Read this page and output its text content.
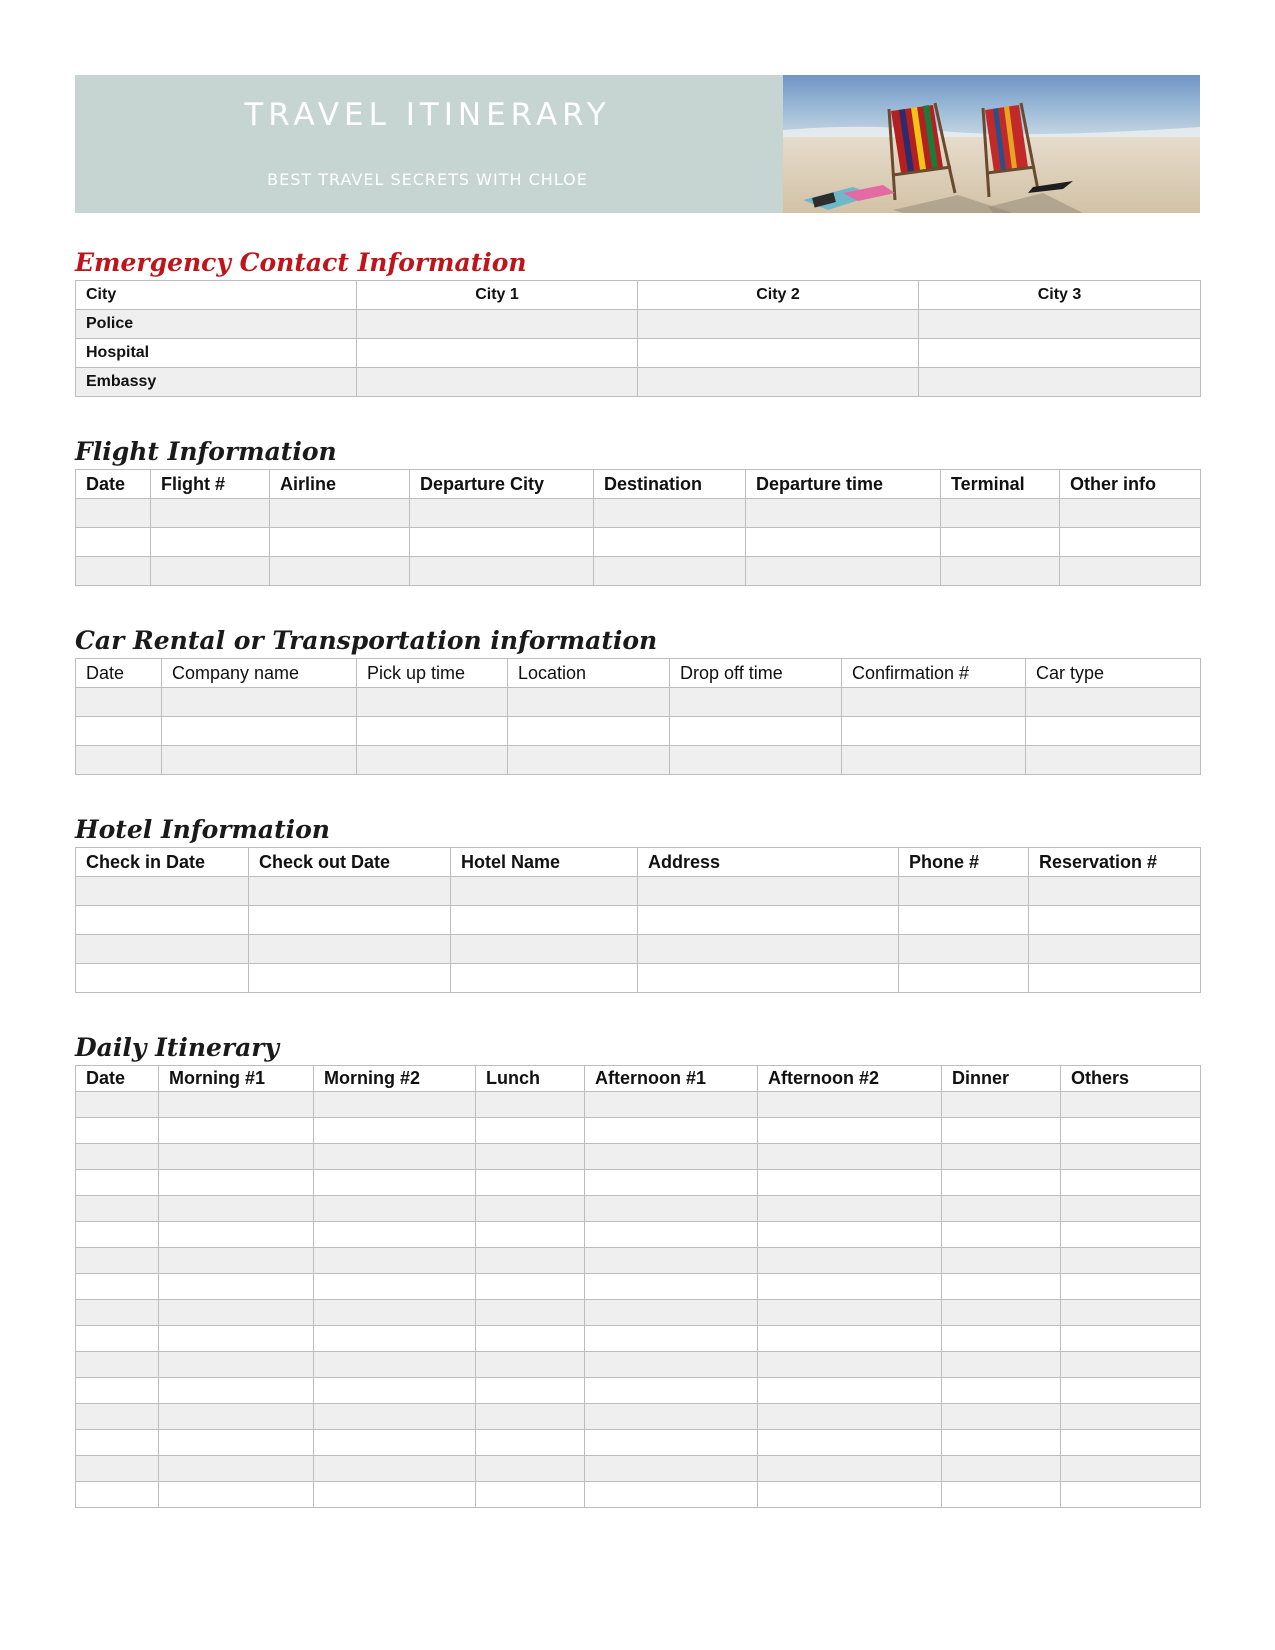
TRAVEL ITINERARY
BEST TRAVEL SECRETS WITH CHLOE
Emergency Contact Information
City	City 1	City 2	City 3
Police			
Hospital			
Embassy			
Flight Information
Date	Flight #	Airline	Departure City	Destination	Departure time	Terminal	Other info

Car Rental or Transportation information
Date	Company name	Pick up time	Location	Drop off time	Confirmation #	Car type

Hotel Information
Check in Date	Check out Date	Hotel Name	Address	Phone #	Reservation #

Daily Itinerary
Date	Morning #1	Morning #2	Lunch	Afternoon #1	Afternoon #2	Dinner	Others
